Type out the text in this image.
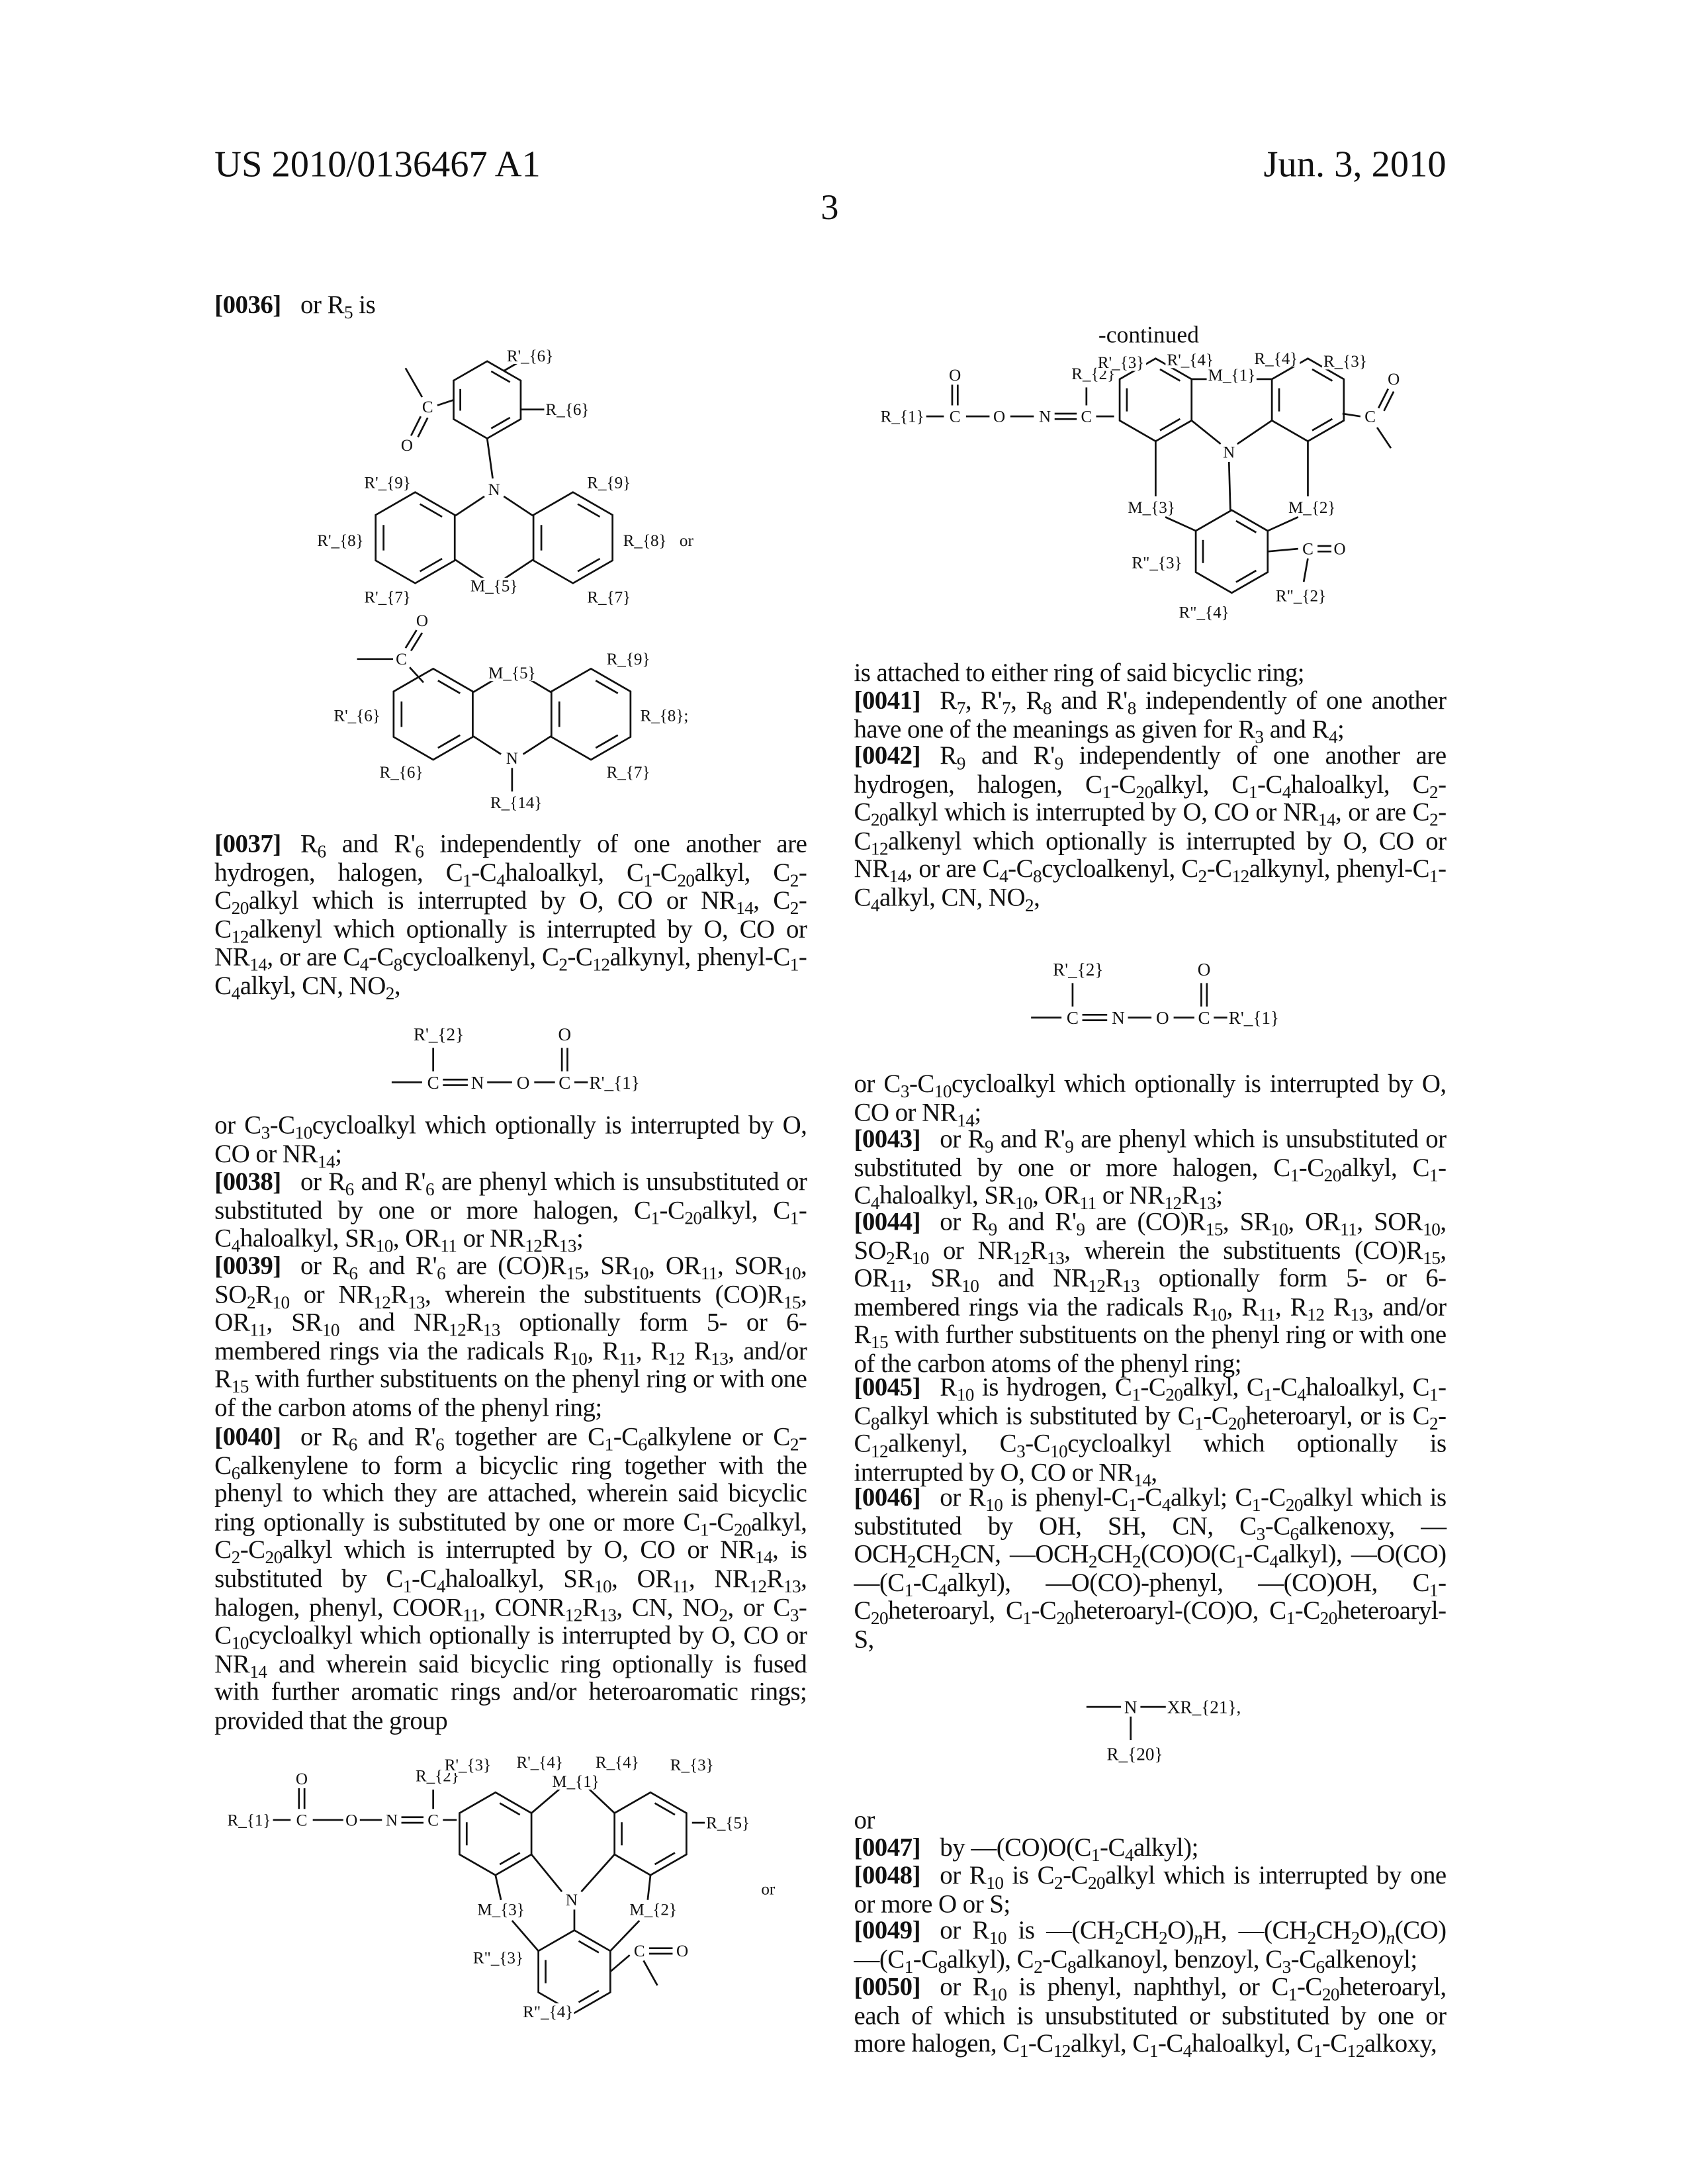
US 2010/0136467 A1	Jun. 3, 2010
3
[0036] or R5 is
[0037] R6 and R'6 independently of one another are hydrogen, halogen, C1-C4haloalkyl, C1-C20alkyl, C2-C20alkyl which is interrupted by O, CO or NR14, C2-C12alkenyl which optionally is interrupted by O, CO or NR14, or are C4-C8cycloalkenyl, C2-C12alkynyl, phenyl-C1-C4alkyl, CN, NO2,
or C3-C10cycloalkyl which optionally is interrupted by O, CO or NR14;
[0038] or R6 and R'6 are phenyl which is unsubstituted or substituted by one or more halogen, C1-C20alkyl, C1-C4haloalkyl, SR10, OR11 or NR12R13;
[0039] or R6 and R'6 are (CO)R15, SR10, OR11, SOR10, SO2R10 or NR12R13, wherein the substituents (CO)R15, OR11, SR10 and NR12R13 optionally form 5- or 6-membered rings via the radicals R10, R11, R12 R13, and/or R15 with further substituents on the phenyl ring or with one of the carbon atoms of the phenyl ring;
[0040] or R6 and R'6 together are C1-C6alkylene or C2-C6alkenylene to form a bicyclic ring together with the phenyl to which they are attached, wherein said bicyclic ring optionally is substituted by one or more C1-C20alkyl, C2-C20alkyl which is interrupted by O, CO or NR14, is substituted by C1-C4haloalkyl, SR10, OR11, NR12R13, halogen, phenyl, COOR11, CONR12R13, CN, NO2, or C3-C10cycloalkyl which optionally is interrupted by O, CO or NR14 and wherein said bicyclic ring optionally is fused with further aromatic rings and/or heteroaromatic rings; provided that the group
-continued
is attached to either ring of said bicyclic ring;
[0041] R7, R'7, R8 and R'8 independently of one another have one of the meanings as given for R3 and R4;
[0042] R9 and R'9 independently of one another are hydrogen, halogen, C1-C20alkyl, C1-C4haloalkyl, C2-C20alkyl which is interrupted by O, CO or NR14, or are C2-C12alkenyl which optionally is interrupted by O, CO or NR14, or are C4-C8cycloalkenyl, C2-C12alkynyl, phenyl-C1-C4alkyl, CN, NO2,
or C3-C10cycloalkyl which optionally is interrupted by O, CO or NR14;
[0043] or R9 and R'9 are phenyl which is unsubstituted or substituted by one or more halogen, C1-C20alkyl, C1-C4haloalkyl, SR10, OR11 or NR12R13;
[0044] or R9 and R'9 are (CO)R15, SR10, OR11, SOR10, SO2R10 or NR12R13, wherein the substituents (CO)R15, OR11, SR10 and NR12R13 optionally form 5- or 6-membered rings via the radicals R10, R11, R12 R13, and/or R15 with further substituents on the phenyl ring or with one of the carbon atoms of the phenyl ring;
[0045] R10 is hydrogen, C1-C20alkyl, C1-C4haloalkyl, C1-C8alkyl which is substituted by C1-C20heteroaryl, or is C2-C12alkenyl, C3-C10cycloalkyl which optionally is interrupted by O, CO or NR14,
[0046] or R10 is phenyl-C1-C4alkyl; C1-C20alkyl which is substituted by OH, SH, CN, C3-C6alkenoxy, —OCH2CH2CN, —OCH2CH2(CO)O(C1-C4alkyl), —O(CO)—(C1-C4alkyl), —O(CO)-phenyl, —(CO)OH, C1-C20heteroaryl, C1-C20heteroaryl-(CO)O, C1-C20heteroaryl-S,
or
[0047] by —(CO)O(C1-C4alkyl);
[0048] or R10 is C2-C20alkyl which is interrupted by one or more O or S;
[0049] or R10 is —(CH2CH2O)nH, —(CH2CH2O)n(CO)—(C1-C8alkyl), C2-C8alkanoyl, benzoyl, C3-C6alkenoyl;
[0050] or R10 is phenyl, naphthyl, or C1-C20heteroaryl, each of which is unsubstituted or substituted by one or more halogen, C1-C12alkyl, C1-C4haloalkyl, C1-C12alkoxy,
R'_{6}
R_{6}
C
O
N
R'_{9}	R_{9}
R'_{8}	R_{8}
R'_{7}
M_{5}
R_{7}
or
O
C
M_{5}
N
R_{14}
R'_{6}
R_{9}
R_{8};
R_{6}	R_{7}
R_{1}	C	O	N	C
O	R_{2}
R'_{3}	R'_{4}
M_{1}
R_{4}	R_{3}
R_{5}
N
M_{3}	M_{2}
R"_{3}	C	O
R"_{4}
or
R_{1}	C	O	N	C
O	R_{2}
R'_{3}	R'_{4}
M_{1}
R_{4}	R_{3}
C
O
N
M_{3}	M_{2}
R"_{3}
C	O
R"_{2}
R"_{4}
R'_{2}	O
C	N	O	C R'_{1}
R'_{2}	O
C	N	O	C R'_{1}
N	XR_{21},
R_{20}
